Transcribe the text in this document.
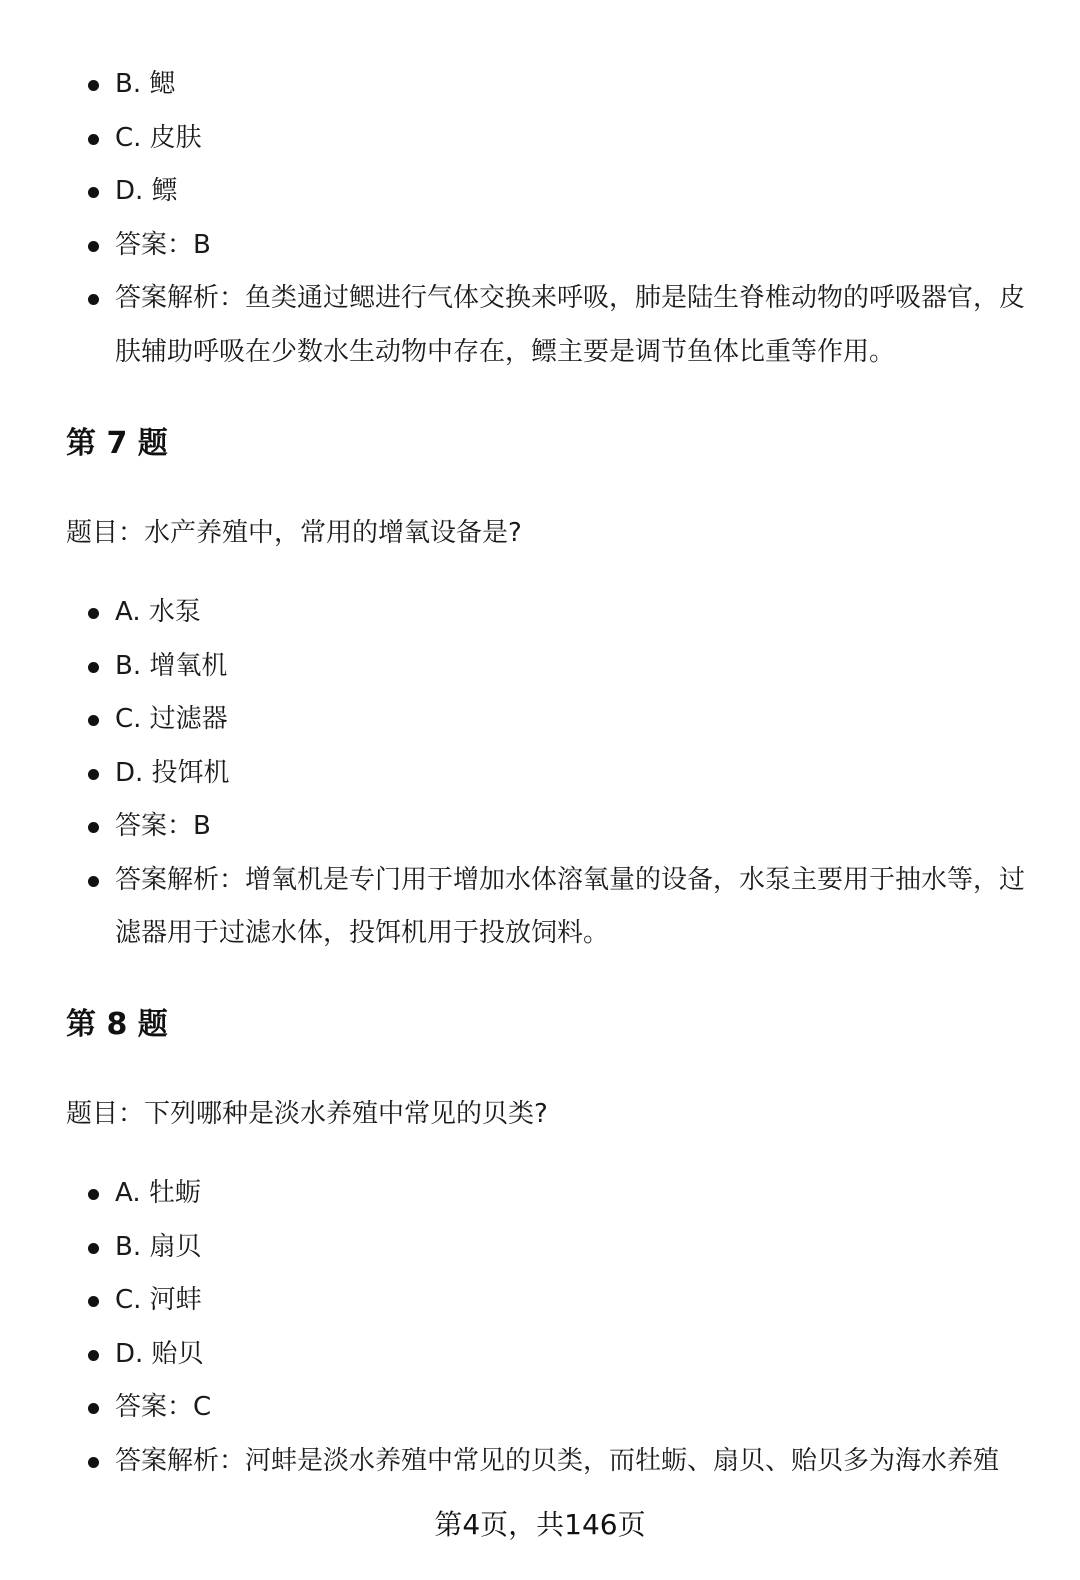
B. 鳃
C. 皮肤
D. 鳔
答案：B
答案解析：鱼类通过鳃进行气体交换来呼吸，肺是陆生脊椎动物的呼吸器官，皮肤辅助呼吸在少数水生动物中存在，鳔主要是调节鱼体比重等作用。
第 7 题
题目：水产养殖中，常用的增氧设备是?
A. 水泵
B. 增氧机
C. 过滤器
D. 投饵机
答案：B
答案解析：增氧机是专门用于增加水体溶氧量的设备，水泵主要用于抽水等，过滤器用于过滤水体，投饵机用于投放饲料。
第 8 题
题目：下列哪种是淡水养殖中常见的贝类?
A. 牡蛎
B. 扇贝
C. 河蚌
D. 贻贝
答案：C
答案解析：河蚌是淡水养殖中常见的贝类，而牡蛎、扇贝、贻贝多为海水养殖
第4页，共146页
